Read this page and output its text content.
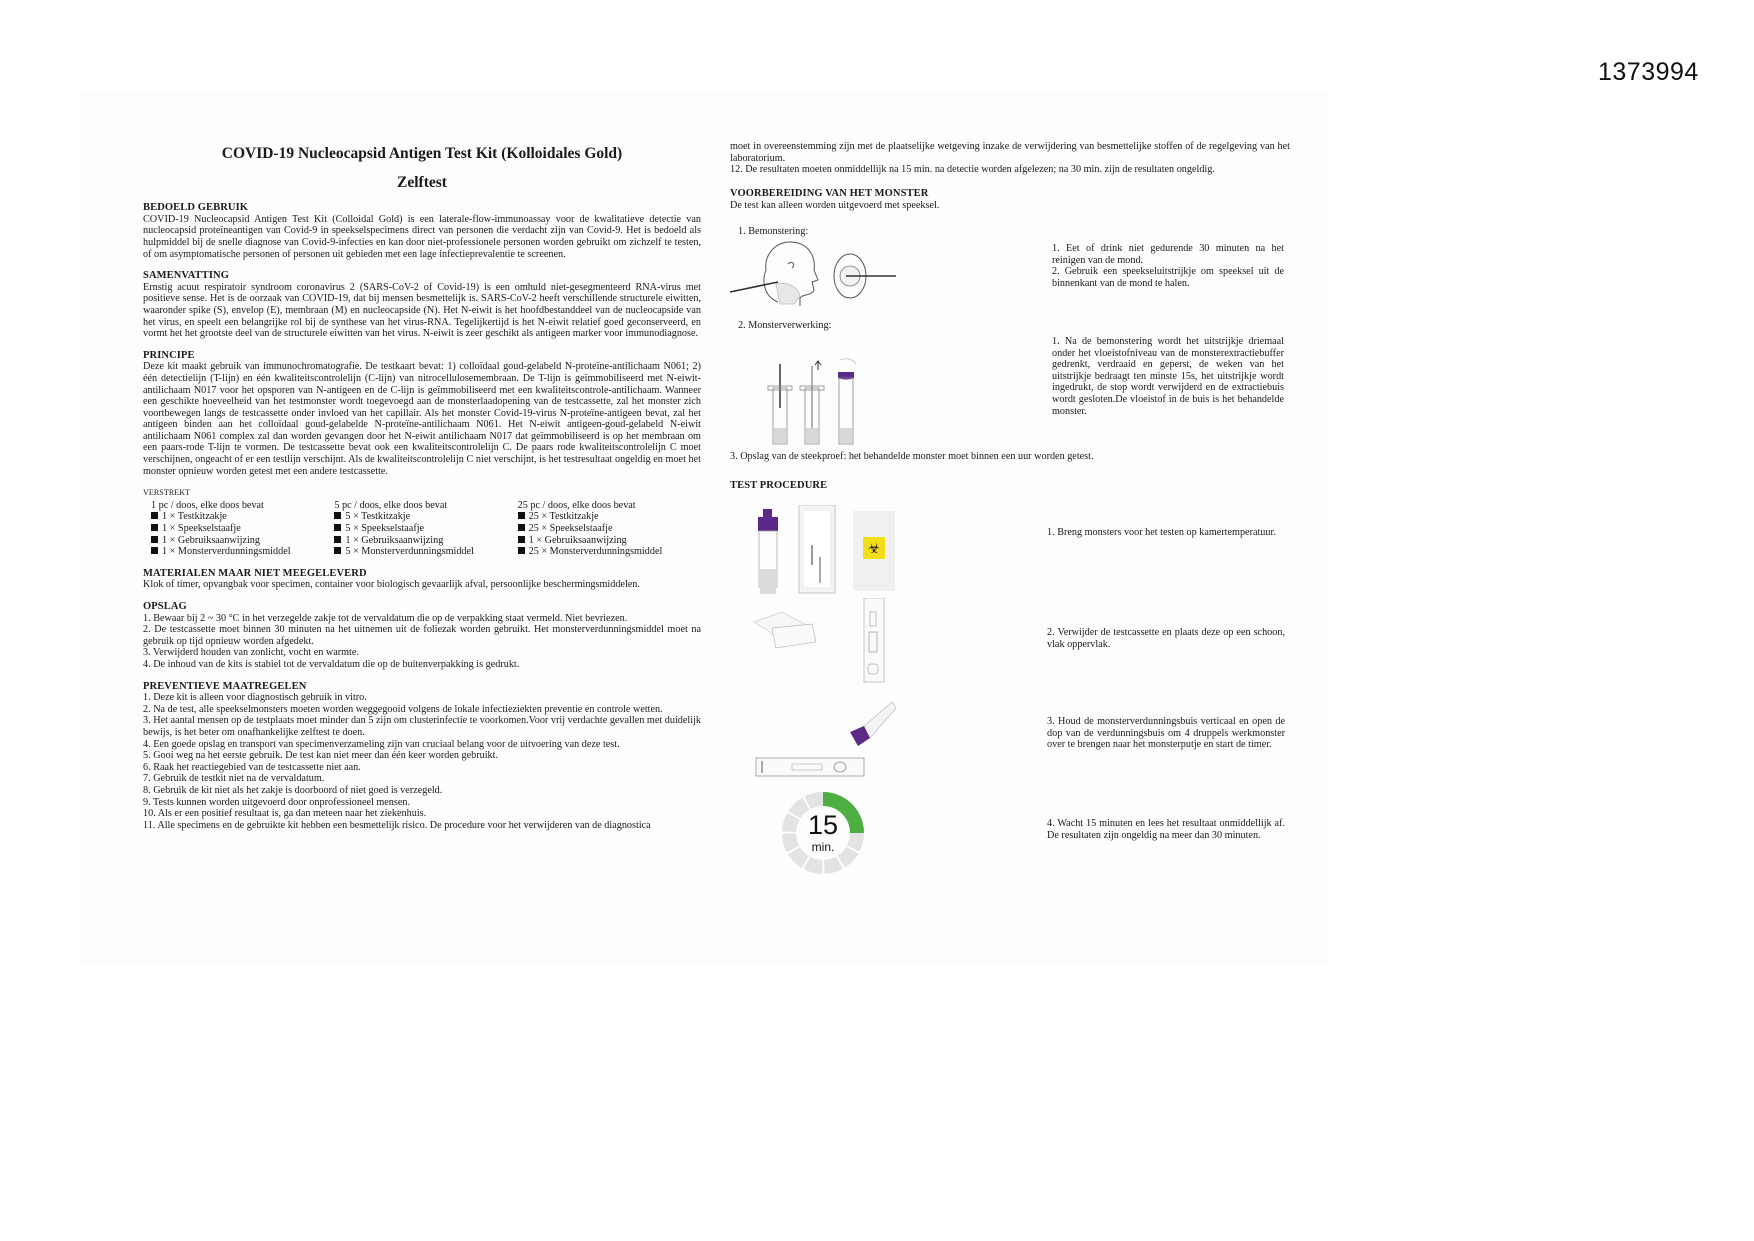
1373994
COVID-19 Nucleocapsid Antigen Test Kit (Kolloidales Gold)
Zelftest

BEDOELD GEBRUIK

COVID-19 Nucleocapsid Antigen Test Kit (Colloidal Gold) is een laterale-flow-immunoassay voor de kwalitatieve detectie van nucleocapsid proteïneantigen van Covid-9 in speekselspecimens direct van personen die verdacht zijn van Covid-9. Het is bedoeld als hulpmiddel bij de snelle diagnose van Covid-9-infecties en kan door niet-professionele personen worden gebruikt om zichzelf te testen, of om asymptomatische personen of personen uit gebieden met een lage infectieprevalentie te screenen.

SAMENVATTING

Ernstig acuut respiratoir syndroom coronavirus 2 (SARS-CoV-2 of Covid-19) is een omhuld niet-gesegmenteerd RNA-virus met positieve sense. Het is de oorzaak van COVID-19, dat bij mensen besmettelijk is. SARS-CoV-2 heeft verschillende structurele eiwitten, waaronder spike (S), envelop (E), membraan (M) en nucleocapside (N). Het N-eiwit is het hoofdbestanddeel van de nucleocapside van het virus, en speelt een belangrijke rol bij de synthese van het virus-RNA. Tegelijkertijd is het N-eiwit relatief goed geconserveerd, en vormt het het grootste deel van de structurele eiwitten van het virus. N-eiwit is zeer geschikt als antigeen marker voor immunodiagnose.

PRINCIPE

Deze kit maakt gebruik van immunochromatografie. De testkaart bevat: 1) colloïdaal goud-gelabeld N-proteïne-antilichaam N061; 2) één detectielijn (T-lijn) en één kwaliteitscontrolelijn (C-lijn) van nitrocellulosemembraan. De T-lijn is geïmmobiliseerd met N-eiwit-antilichaam N017 voor het opsporen van N-antigeen en de C-lijn is geïmmobiliseerd met een kwaliteitscontrole-antilichaam. Wanneer een geschikte hoeveelheid van het testmonster wordt toegevoegd aan de monsterlaadopening van de testcassette, zal het monster zich voortbewegen langs de testcassette onder invloed van het capillair. Als het monster Covid-19-virus N-proteïne-antigeen bevat, zal het antigeen binden aan het colloïdaal goud-gelabelde N-proteïne-antilichaam N061. Het N-eiwit antigeen-goud-gelabeld N-eiwit antilichaam N061 complex zal dan worden gevangen door het N-eiwit antilichaam N017 dat geïmmobiliseerd is op het membraan om een paars-rode T-lijn te vormen. De testcassette bevat ook een kwaliteitscontrolelijn C. De paars rode kwaliteitscontrolelijn C moet verschijnen, ongeacht of er een testlijn verschijnt. Als de kwaliteitscontrolelijn C niet verschijnt, is het testresultaat ongeldig en moet het monster opnieuw worden getest met een andere testcassette.

VERSTREKT

1 pc / doos, elke doos bevat
1 × Testkitzakje
1 × Speekselstaafje
1 × Gebruiksaanwijzing
1 × Monsterverdunningsmiddel
5 pc / doos, elke doos bevat
5 × Testkitzakje
5 × Speekselstaafje
1 × Gebruiksaanwijzing
5 × Monsterverdunningsmiddel
25 pc / doos, elke doos bevat
25 × Testkitzakje
25 × Speekselstaafje
1 × Gebruiksaanwijzing
25 × Monsterverdunningsmiddel

MATERIALEN MAAR NIET MEEGELEVERD

Klok of timer, opvangbak voor specimen, container voor biologisch gevaarlijk afval, persoonlijke beschermingsmiddelen.

OPSLAG

1. Bewaar bij 2 ~ 30 °C in het verzegelde zakje tot de vervaldatum die op de verpakking staat vermeld. Niet bevriezen.
2. De testcassette moet binnen 30 minuten na het uitnemen uit de foliezak worden gebruikt. Het monsterverdunningsmiddel moet na gebruik op tijd opnieuw worden afgedekt.
3. Verwijderd houden van zonlicht, vocht en warmte.
4. De inhoud van de kits is stabiel tot de vervaldatum die op de buitenverpakking is gedrukt.

PREVENTIEVE MAATREGELEN

1. Deze kit is alleen voor diagnostisch gebruik in vitro.
2. Na de test, alle speekselmonsters moeten worden weggegooid volgens de lokale infectieziekten preventie en controle wetten.
3. Het aantal mensen op de testplaats moet minder dan 5 zijn om clusterinfectie te voorkomen.Voor vrij verdachte gevallen met duidelijk bewijs, is het beter om onafhankelijke zelftest te doen.
4. Een goede opslag en transport van specimenverzameling zijn van cruciaal belang voor de uitvoering van deze test.
5. Gooi weg na het eerste gebruik. De test kan niet meer dan één keer worden gebruikt.
6. Raak het reactiegebied van de testcassette niet aan.
7. Gebruik de testkit niet na de vervaldatum.
8. Gebruik de kit niet als het zakje is doorboord of niet goed is verzegeld.
9. Tests kunnen worden uitgevoerd door onprofessioneel mensen.
10. Als er een positief resultaat is, ga dan meteen naar het ziekenhuis.
11. Alle specimens en de gebruikte kit hebben een besmettelijk risico. De procedure voor het verwijderen van de diagnostica
moet in overeenstemming zijn met de plaatselijke wetgeving inzake de verwijdering van besmettelijke stoffen of de regelgeving van het laboratorium.
12. De resultaten moeten onmiddellijk na 15 min. na detectie worden afgelezen; na 30 min. zijn de resultaten ongeldig.

VOORBEREIDING VAN HET MONSTER

De test kan alleen worden uitgevoerd met speeksel.
1. Bemonstering:
1. Eet of drink niet gedurende 30 minuten na het reinigen van de mond.
2. Gebruik een speekseluitstrijkje om speeksel uit de binnenkant van de mond te halen.
2. Monsterverwerking:
1. Na de bemonstering wordt het uitstrijkje driemaal onder het vloeistofniveau van de monsterextractiebuffer gedrenkt, verdraaid en geperst, de weken van het uitstrijkje bedraagt ten minste 15s, het uitstrijkje wordt ingedrukt, de stop wordt verwijderd en de extractiebuis wordt gesloten.De vloeistof in de buis is het behandelde monster.
3. Opslag van de steekproef: het behandelde monster moet binnen een uur worden getest.

TEST PROCEDURE

☣
1. Breng monsters voor het testen op kamertemperatuur.
2. Verwijder de testcassette en plaats deze op een schoon, vlak oppervlak.
3. Houd de monsterverdunningsbuis verticaal en open de dop van de verdunningsbuis om 4 druppels werkmonster over te brengen naar het monsterputje en start de timer.
15
min.
4. Wacht 15 minuten en lees het resultaat onmiddellijk af. De resultaten zijn ongeldig na meer dan 30 minuten.
